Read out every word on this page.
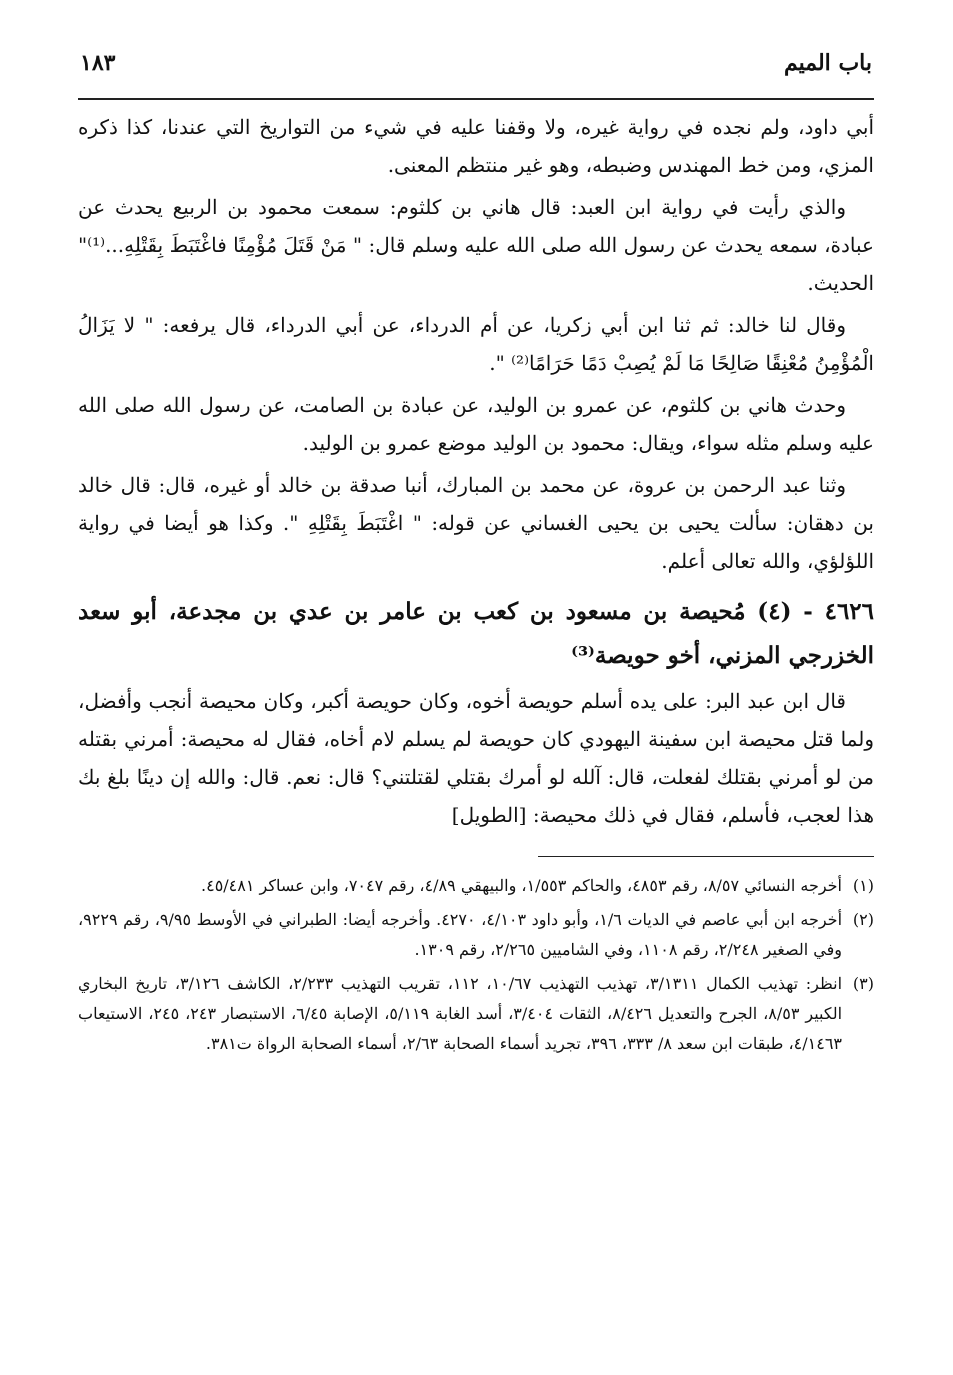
باب الميم
١٨٣

أبي داود، ولم نجده في رواية غيره، ولا وقفنا عليه في شيء من التواريخ التي عندنا، كذا ذكره المزي، ومن خط المهندس وضبطه، وهو غير منتظم المعنى.

والذي رأيت في رواية ابن العبد: قال هاني بن كلثوم: سمعت محمود بن الربيع يحدث عن عبادة، سمعه يحدث عن رسول الله صلى الله عليه وسلم قال: " مَنْ قَتَلَ مُؤْمِنًا فاغْتَبَطَ بِقَتْلِهِ...⁽¹⁾" الحديث.

وقال لنا خالد: ثم ثنا ابن أبي زكريا، عن أم الدرداء، عن أبي الدرداء، قال يرفعه: " لا يَزَالُ الْمُؤْمِنُ مُعْنِقًا صَالِحًا مَا لَمْ يُصِبْ دَمًا حَرَامًا⁽²⁾ ".

وحدث هاني بن كلثوم، عن عمرو بن الوليد، عن عبادة بن الصامت، عن رسول الله صلى الله عليه وسلم مثله سواء، ويقال: محمود بن الوليد موضع عمرو بن الوليد.

وثنا عبد الرحمن بن عروة، عن محمد بن المبارك، أنبا صدقة بن خالد أو غيره، قال: قال خالد بن دهقان: سألت يحيى بن يحيى الغساني عن قوله: " اغْتَبَطَ بِقَتْلِهِ ". وكذا هو أيضا في رواية اللؤلؤي، والله تعالى أعلم.

٤٦٢٦ - (٤) مُحيصة بن مسعود بن كعب بن عامر بن عدي بن مجدعة، أبو سعد الخزرجي المزني، أخو حويصة⁽³⁾

قال ابن عبد البر: على يده أسلم حويصة أخوه، وكان حويصة أكبر، وكان محيصة أنجب وأفضل، ولما قتل محيصة ابن سفينة اليهودي كان حويصة لم يسلم لام أخاه، فقال له محيصة: أمرني بقتله من لو أمرني بقتلك لفعلت، قال: آلله لو أمرك بقتلي لقتلتني؟ قال: نعم. قال: والله إن دينًا بلغ بك هذا لعجب، فأسلم، فقال في ذلك محيصة: [الطويل]

(١)
أخرجه النسائي ٨/٥٧، رقم ٤٨٥٣، والحاكم ١/٥٥٣، والبيهقي ٤/٨٩، رقم ٧٠٤٧، وابن عساكر ٤٥/٤٨١.
(٢)
أخرجه ابن أبي عاصم في الديات ١/٦، وأبو داود ٤/١٠٣، ٤٢٧٠. وأخرجه أيضا: الطبراني في الأوسط ٩/٩٥، رقم ٩٢٢٩، وفي الصغير ٢/٢٤٨، رقم ١١٠٨، وفي الشاميين ٢/٢٦٥، رقم ١٣٠٩.
(٣)
انظر: تهذيب الكمال ٣/١٣١١، تهذيب التهذيب ١٠/٦٧، ١١٢، تقريب التهذيب ٢/٢٣٣، الكاشف ٣/١٢٦، تاريخ البخاري الكبير ٨/٥٣، الجرح والتعديل ٨/٤٢٦، الثقات ٣/٤٠٤، أسد الغابة ٥/١١٩، الإصابة ٦/٤٥، الاستبصار ٢٤٣، ٢٤٥، الاستيعاب ٤/١٤٦٣، طبقات ابن سعد ٨/ ٣٣٣، ٣٩٦، تجريد أسماء الصحابة ٢/٦٣، أسماء الصحابة الرواة ت٣٨١.
